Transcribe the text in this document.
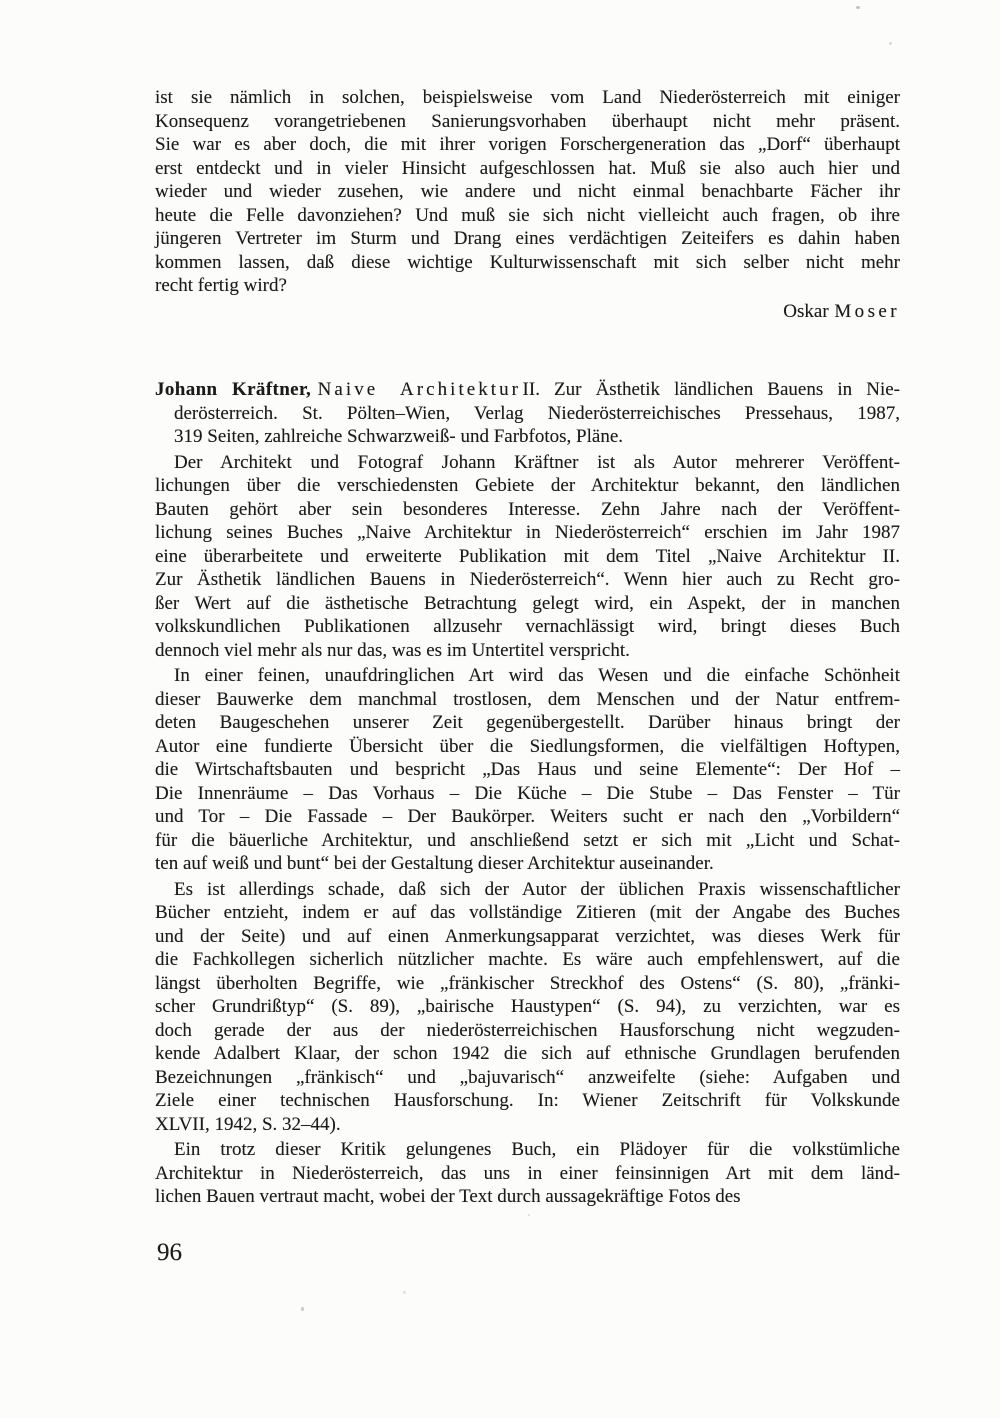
ist sie nämlich in solchen, beispielsweise vom Land Niederösterreich mit einiger
Konsequenz vorangetriebenen Sanierungsvorhaben überhaupt nicht mehr präsent.
Sie war es aber doch, die mit ihrer vorigen Forschergeneration das „Dorf“ überhaupt
erst entdeckt und in vieler Hinsicht aufgeschlossen hat. Muß sie also auch hier und
wieder und wieder zusehen, wie andere und nicht einmal benachbarte Fächer ihr
heute die Felle davonziehen? Und muß sie sich nicht vielleicht auch fragen, ob ihre
jüngeren Vertreter im Sturm und Drang eines verdächtigen Zeiteifers es dahin haben
kommen lassen, daß diese wichtige Kulturwissenschaft mit sich selber nicht mehr
recht fertig wird?
Oskar Moser
Johann Kräftner, Naive ArchitekturII. Zur Ästhetik ländlichen Bauens in Nie-
derösterreich. St. Pölten–Wien, Verlag Niederösterreichisches Pressehaus, 1987,
319 Seiten, zahlreiche Schwarzweiß- und Farbfotos, Pläne.
Der Architekt und Fotograf Johann Kräftner ist als Autor mehrerer Veröffent-
lichungen über die verschiedensten Gebiete der Architektur bekannt, den ländlichen
Bauten gehört aber sein besonderes Interesse. Zehn Jahre nach der Veröffent-
lichung seines Buches „Naive Architektur in Niederösterreich“ erschien im Jahr 1987
eine überarbeitete und erweiterte Publikation mit dem Titel „Naive Architektur II.
Zur Ästhetik ländlichen Bauens in Niederösterreich“. Wenn hier auch zu Recht gro-
ßer Wert auf die ästhetische Betrachtung gelegt wird, ein Aspekt, der in manchen
volkskundlichen Publikationen allzusehr vernachlässigt wird, bringt dieses Buch
dennoch viel mehr als nur das, was es im Untertitel verspricht.
In einer feinen, unaufdringlichen Art wird das Wesen und die einfache Schönheit
dieser Bauwerke dem manchmal trostlosen, dem Menschen und der Natur entfrem-
deten Baugeschehen unserer Zeit gegenübergestellt. Darüber hinaus bringt der
Autor eine fundierte Übersicht über die Siedlungsformen, die vielfältigen Hoftypen,
die Wirtschaftsbauten und bespricht „Das Haus und seine Elemente“: Der Hof –
Die Innenräume – Das Vorhaus – Die Küche – Die Stube – Das Fenster – Tür
und Tor – Die Fassade – Der Baukörper. Weiters sucht er nach den „Vorbildern“
für die bäuerliche Architektur, und anschließend setzt er sich mit „Licht und Schat-
ten auf weiß und bunt“ bei der Gestaltung dieser Architektur auseinander.
Es ist allerdings schade, daß sich der Autor der üblichen Praxis wissenschaftlicher
Bücher entzieht, indem er auf das vollständige Zitieren (mit der Angabe des Buches
und der Seite) und auf einen Anmerkungsapparat verzichtet, was dieses Werk für
die Fachkollegen sicherlich nützlicher machte. Es wäre auch empfehlenswert, auf die
längst überholten Begriffe, wie „fränkischer Streckhof des Ostens“ (S. 80), „fränki-
scher Grundrißtyp“ (S. 89), „bairische Haustypen“ (S. 94), zu verzichten, war es
doch gerade der aus der niederösterreichischen Hausforschung nicht wegzuden-
kende Adalbert Klaar, der schon 1942 die sich auf ethnische Grundlagen berufenden
Bezeichnungen „fränkisch“ und „bajuvarisch“ anzweifelte (siehe: Aufgaben und
Ziele einer technischen Hausforschung. In: Wiener Zeitschrift für Volkskunde
XLVII, 1942, S. 32–44).
Ein trotz dieser Kritik gelungenes Buch, ein Plädoyer für die volkstümliche
Architektur in Niederösterreich, das uns in einer feinsinnigen Art mit dem länd-
lichen Bauen vertraut macht, wobei der Text durch aussagekräftige Fotos des
96
